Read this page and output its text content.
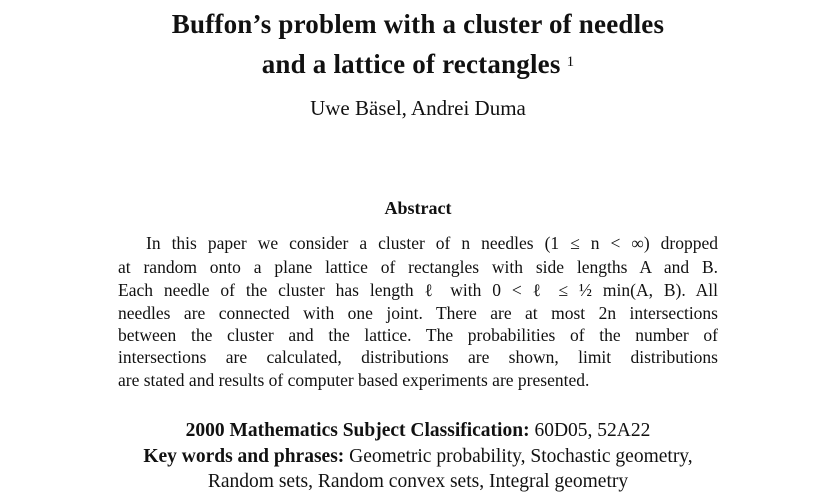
Buffon’s problem with a cluster of needles
and a lattice of rectangles $^1$
Uwe Bäsel, Andrei Duma
Abstract
In this paper we consider a cluster of n needles (1 ≤ n < ∞) dropped
at random onto a plane lattice of rectangles with side lengths A and B.
Each needle of the cluster has length ℓ with 0 < ℓ ≤ ½ min(A, B). All
needles are connected with one joint. There are at most 2n intersections
between the cluster and the lattice. The probabilities of the number of
intersections are calculated, distributions are shown, limit distributions
are stated and results of computer based experiments are presented.
2000 Mathematics Subject Classification: 60D05, 52A22
Key words and phrases: Geometric probability, Stochastic geometry,
Random sets, Random convex sets, Integral geometry
